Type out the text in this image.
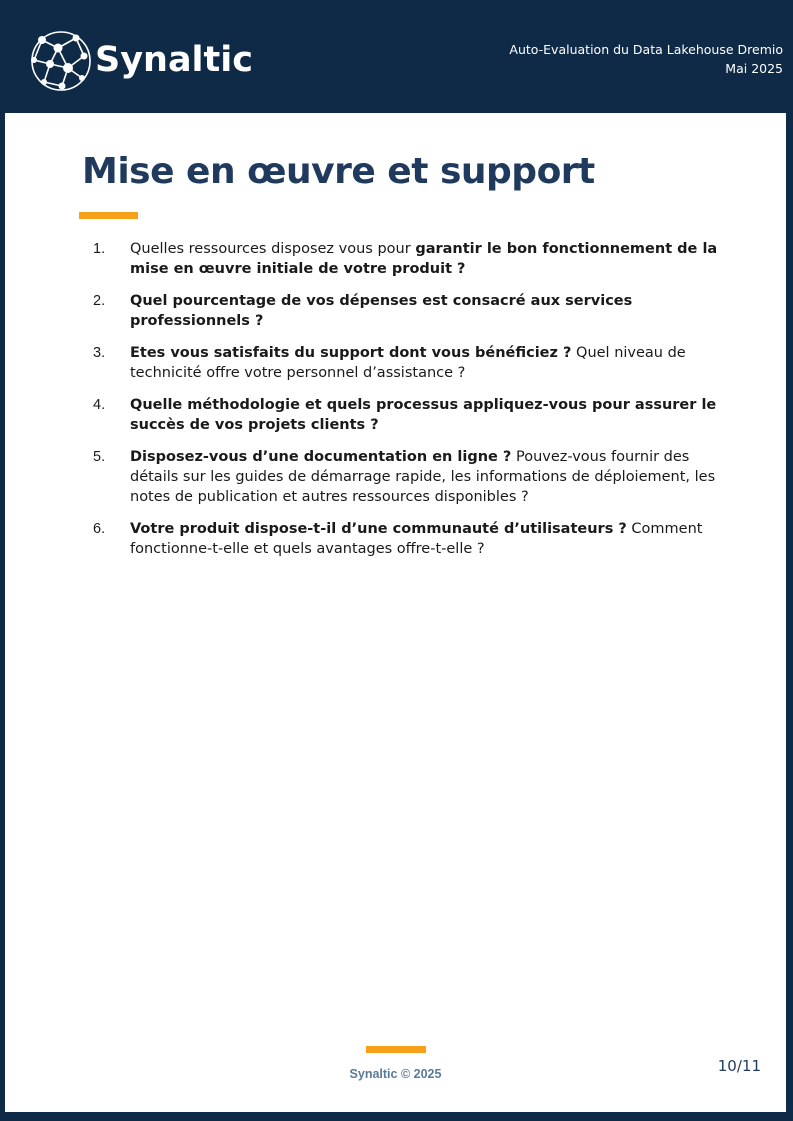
Synaltic	Auto-Evaluation du Data Lakehouse Dremio
Mai 2025
Mise en œuvre et support
1. Quelles ressources disposez vous pour garantir le bon fonctionnement de la mise en œuvre initiale de votre produit ?
2. Quel pourcentage de vos dépenses est consacré aux services professionnels ?
3. Etes vous satisfaits du support dont vous bénéficiez ? Quel niveau de technicité offre votre personnel d’assistance ?
4. Quelle méthodologie et quels processus appliquez-vous pour assurer le succès de vos projets clients ?
5. Disposez-vous d’une documentation en ligne ? Pouvez-vous fournir des détails sur les guides de démarrage rapide, les informations de déploiement, les notes de publication et autres ressources disponibles ?
6. Votre produit dispose-t-il d’une communauté d’utilisateurs ? Comment fonctionne-t-elle et quels avantages offre-t-elle ?
Synaltic © 2025	10/11
